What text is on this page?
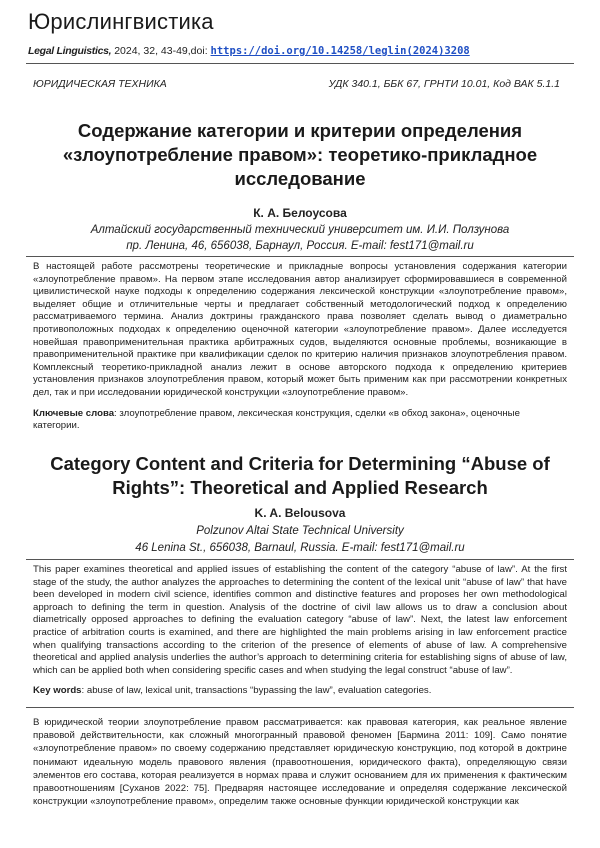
Юрислингвистика
Legal Linguistics, 2024, 32, 43-49,doi: https://doi.org/10.14258/leglin(2024)3208
ЮРИДИЧЕСКАЯ ТЕХНИКА	УДК 340.1, ББК 67, ГРНТИ 10.01, Код ВАК 5.1.1
Содержание категории и критерии определения «злоупотребление правом»: теоретико-прикладное исследование
К. А. Белоусова
Алтайский государственный технический университет им. И.И. Ползунова
пр. Ленина, 46, 656038, Барнаул, Россия. E-mail: fest171@mail.ru

В настоящей работе рассмотрены теоретические и прикладные вопросы установления содержания категории «злоупотребление правом». На первом этапе исследования автор анализирует сформировавшиеся в современной цивилистической науке подходы к определению содержания лексической конструкции «злоупотребление правом», выделяет общие и отличительные черты и предлагает собственный методологический подход к определению рассматриваемого термина. Анализ доктрины гражданского права позволяет сделать вывод о диаметрально противоположных подходах к определению оценочной категории «злоупотребление правом». Далее исследуется новейшая правоприменительная практика арбитражных судов, выделяются основные проблемы, возникающие в правоприменительной практике при квалификации сделок по критерию наличия признаков злоупотребления правом. Комплексный теоретико-прикладной анализ лежит в основе авторского подхода к определению критериев установления признаков злоупотребления правом, который может быть применим как при рассмотрении конкретных дел, так и при исследовании юридической конструкции «злоупотребление правом».

Ключевые слова: злоупотребление правом, лексическая конструкция, сделки «в обход закона», оценочные категории.

Category Content and Criteria for Determining “Abuse of Rights”: Theoretical and Applied Research
K. A. Belousova
Polzunov Altai State Technical University
46 Lenina St., 656038, Barnaul, Russia. E-mail: fest171@mail.ru

This paper examines theoretical and applied issues of establishing the content of the category “abuse of law”. At the first stage of the study, the author analyzes the approaches to determining the content of the lexical unit “abuse of law” that have been developed in modern civil science, identifies common and distinctive features and proposes her own methodological approach to defining the term in question. Analysis of the doctrine of civil law allows us to draw a conclusion about diametrically opposed approaches to defining the evaluation category “abuse of law”. Next, the latest law enforcement practice of arbitration courts is examined, and there are highlighted the main problems arising in law enforcement practice when qualifying transactions according to the criterion of the presence of elements of abuse of law. A comprehensive theoretical and applied analysis underlies the author’s approach to determining criteria for establishing signs of abuse of law, which can be applied both when considering specific cases and when studying the legal construct “abuse of law”.

Key words: abuse of law, lexical unit, transactions “bypassing the law”, evaluation categories.

В юридической теории злоупотребление правом рассматривается: как правовая категория, как реальное явление правовой действительности, как сложный многогранный правовой феномен [Бармина 2011: 109]. Само понятие «злоупотребление правом» по своему содержанию представляет юридическую конструкцию, под которой в доктрине понимают идеальную модель правового явления (правоотношения, юридического факта), определяющую связи элементов его состава, которая реализуется в нормах права и служит основанием для их применения к фактическим правоотношениям [Суханов 2022: 75]. Предваряя настоящее исследование и определяя содержание лексической конструкции «злоупотребление правом», определим также основные функции юридической конструкции как
